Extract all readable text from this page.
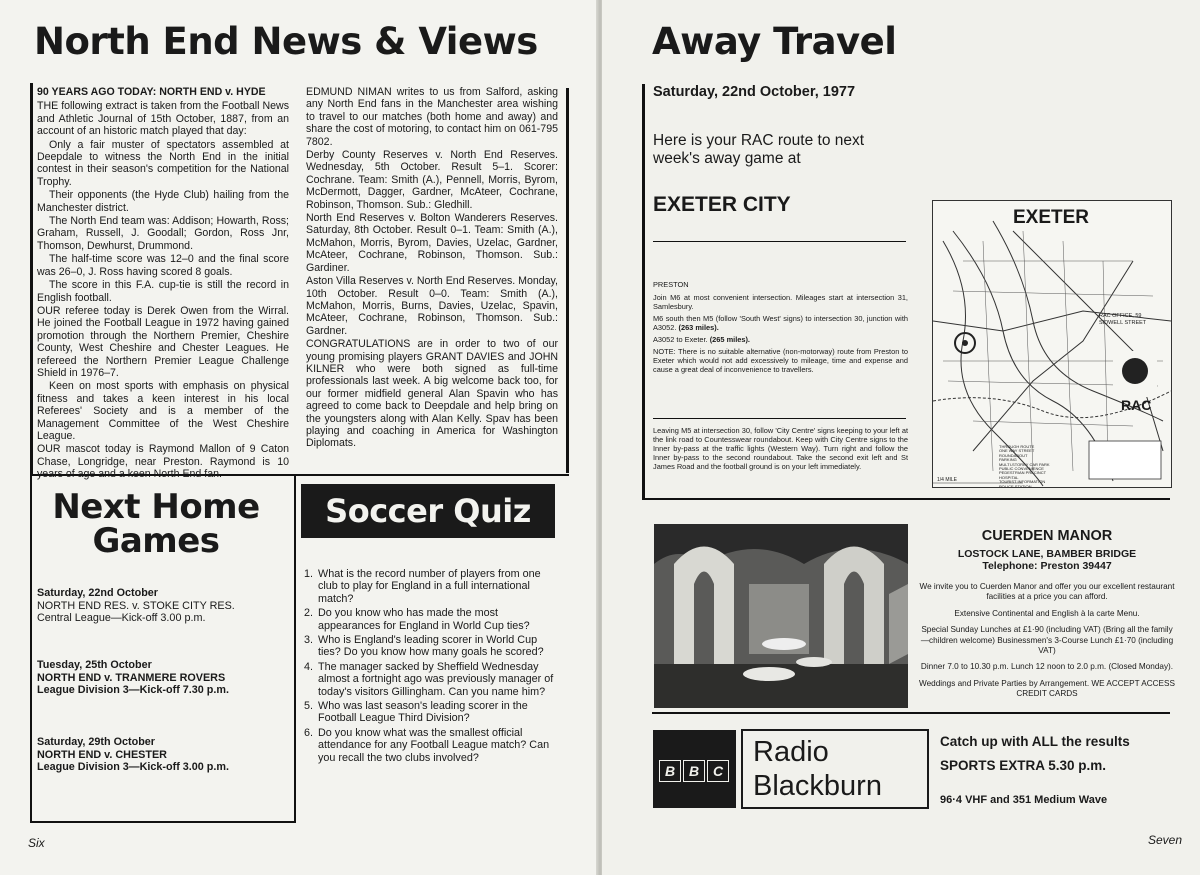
North End News & Views

90 YEARS AGO TODAY: NORTH END v. HYDE

THE following extract is taken from the Football News and Athletic Journal of 15th October, 1887, from an account of an historic match played that day:

Only a fair muster of spectators assembled at Deepdale to witness the North End in the initial contest in their season's competition for the National Trophy.

Their opponents (the Hyde Club) hailing from the Manchester district.

The North End team was: Addison; Howarth, Ross; Graham, Russell, J. Goodall; Gordon, Ross Jnr, Thomson, Dewhurst, Drummond.

The half-time score was 12–0 and the final score was 26–0, J. Ross having scored 8 goals.

The score in this F.A. cup-tie is still the record in English football.

OUR referee today is Derek Owen from the Wirral. He joined the Football League in 1972 having gained promotion through the Northern Premier, Cheshire County, West Cheshire and Chester Leagues. He refereed the Northern Premier League Challenge Shield in 1976–7.

Keen on most sports with emphasis on physical fitness and takes a keen interest in his local Referees' Society and is a member of the Management Committee of the West Cheshire League.

OUR mascot today is Raymond Mallon of 9 Caton Chase, Longridge, near Preston. Raymond is 10 years of age and a keen North End fan.

EDMUND NIMAN writes to us from Salford, asking any North End fans in the Manchester area wishing to travel to our matches (both home and away) and share the cost of motoring, to contact him on 061-795 7802.

Derby County Reserves v. North End Reserves. Wednesday, 5th October. Result 5–1. Scorer: Cochrane. Team: Smith (A.), Pennell, Morris, Byrom, McDermott, Dagger, Gardner, McAteer, Cochrane, Robinson, Thomson. Sub.: Gledhill.

North End Reserves v. Bolton Wanderers Reserves. Saturday, 8th October. Result 0–1. Team: Smith (A.), McMahon, Morris, Byrom, Davies, Uzelac, Gardner, McAteer, Cochrane, Robinson, Thomson. Sub.: Gardiner.

Aston Villa Reserves v. North End Reserves. Monday, 10th October. Result 0–0. Team: Smith (A.), McMahon, Morris, Burns, Davies, Uzelac, Spavin, McAteer, Cochrane, Robinson, Thomson. Sub.: Gardner.

CONGRATULATIONS are in order to two of our young promising players GRANT DAVIES and JOHN KILNER who were both signed as full-time professionals last week. A big welcome back too, for our former midfield general Alan Spavin who has agreed to come back to Deepdale and help bring on the youngsters along with Alan Kelly. Spav has been playing and coaching in America for Washington Diplomats.

Next Home
Games
Saturday, 22nd October
NORTH END RES. v. STOKE CITY RES.
Central League—Kick-off 3.00 p.m.
Tuesday, 25th October
NORTH END v. TRANMERE ROVERS
League Division 3—Kick-off 7.30 p.m.
Saturday, 29th October
NORTH END v. CHESTER
League Division 3—Kick-off 3.00 p.m.
Soccer Quiz
1. What is the record number of players from one club to play for England in a full international match?
2. Do you know who has made the most appearances for England in World Cup ties?
3. Who is England's leading scorer in World Cup ties? Do you know how many goals he scored?
4. The manager sacked by Sheffield Wednesday almost a fortnight ago was previously manager of today's visitors Gillingham. Can you name him?
5. Who was last season's leading scorer in the Football League Third Division?
6. Do you know what was the smallest official attendance for any Football League match? Can you recall the two clubs involved?
Six
Away Travel
Saturday, 22nd October, 1977
Here is your RAC route to next
week's away game at
EXETER CITY
PRESTON
Join M6 at most convenient intersection. Mileages start at intersection 31, Samlesbury.
M6 south then M5 (follow 'South West' signs) to intersection 30, junction with A3052. (263 miles).
A3052 to Exeter. (265 miles).
NOTE: There is no suitable alternative (non-motorway) route from Preston to Exeter which would not add excessively to mileage, time and expense and cause a great deal of inconvenience to travellers.
Leaving M5 at intersection 30, follow 'City Centre' signs keeping to your left at the link road to Countesswear roundabout. Keep with City Centre signs to the Inner by-pass at the traffic lights (Western Way). Turn right and follow the Inner by-pass to the second roundabout. Take the second exit left and St James Road and the football ground is on your left immediately.
EXETER
RAC OFFICE, 59 SIDWELL STREET
RAC
THROUGH ROUTE
ONE WAY STREET
ROUNDABOUT
PARKING
MULTI-STOREY CAR PARK
PUBLIC CONVENIENCE
PEDESTRIAN PRECINCT
HOSPITAL
TOURIST INFORMATION
POLICE STATION
1/4 MILE
CUERDEN MANOR
LOSTOCK LANE, BAMBER BRIDGE
Telephone: Preston 39447
We invite you to Cuerden Manor and offer you our excellent restaurant facilities at a price you can afford.
Extensive Continental and English à la carte Menu.
Special Sunday Lunches at £1·90 (including VAT) (Bring all the family—children welcome) Businessmen's 3-Course Lunch £1·70 (including VAT)
Dinner 7.0 to 10.30 p.m. Lunch 12 noon to 2.0 p.m. (Closed Monday).
Weddings and Private Parties by Arrangement. WE ACCEPT ACCESS CREDIT CARDS
B B C
Radio
Blackburn
Catch up with ALL the results
SPORTS EXTRA 5.30 p.m.
96·4 VHF and 351 Medium Wave
Seven
